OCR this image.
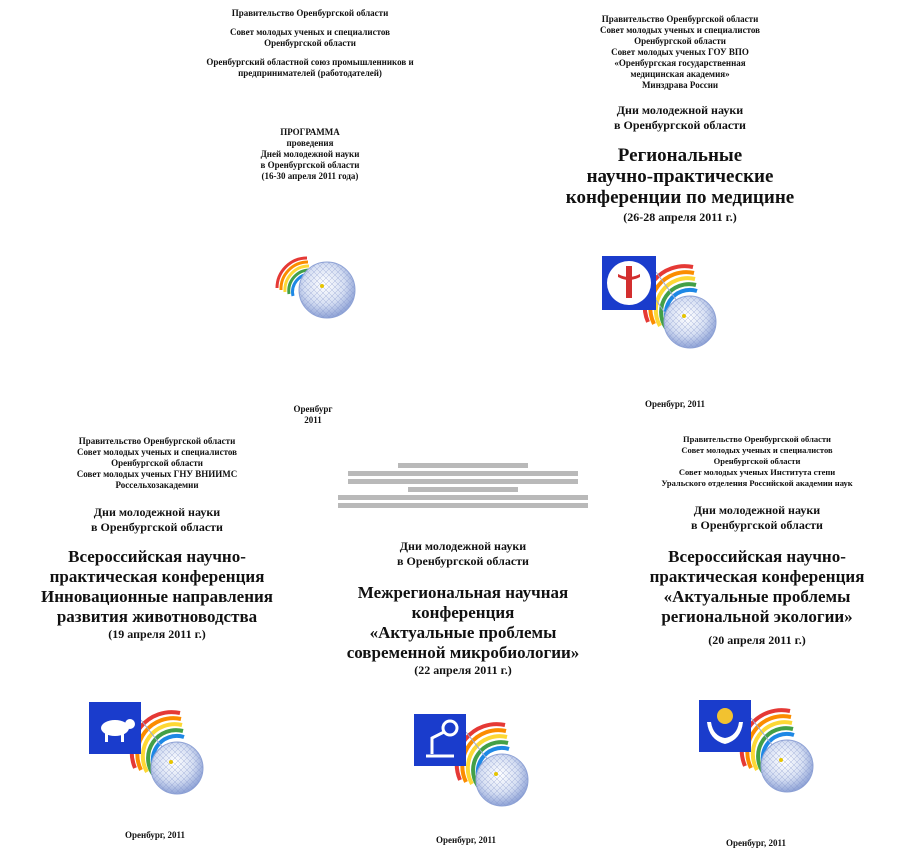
Правительство Оренбургской области

Совет молодых ученых и специалистов Оренбургской области

Оренбургский областной союз промышленников и предпринимателей (работодателей)

ПРОГРАММА

проведения

Дней молодежной науки

в Оренбургской области

(16-30 апреля 2011 года)

Оренбург
2011

Правительство Оренбургской области

Совет молодых ученых и специалистов

Оренбургской области

Совет молодых ученых ГОУ ВПО

«Оренбургская государственная

медицинская академия»

Минздрава России

Дни молодежной науки

в Оренбургской области

Региональные

научно-практические

конференции по медицине

(26-28 апреля 2011 г.)
Оренбург, 2011

Правительство Оренбургской области

Совет молодых ученых и специалистов

Оренбургской области

Совет молодых ученых ГНУ ВНИИМС

Россельхозакадемии

Дни молодежной науки

в Оренбургской области

Всероссийская научно-

практическая конференция

Инновационные направления

развития животноводства

(19 апреля 2011 г.)
Оренбург, 2011

Дни молодежной науки

в Оренбургской области

Межрегиональная научная

конференция

«Актуальные проблемы

современной микробиологии»

(22 апреля 2011 г.)
Оренбург, 2011

Правительство Оренбургской области

Совет молодых ученых и специалистов

Оренбургской области

Совет молодых ученых Института степи

Уральского отделения Российской академии наук

Дни молодежной науки

в Оренбургской области

Всероссийская научно-

практическая конференция

«Актуальные проблемы

региональной экологии»

(20 апреля 2011 г.)
Оренбург, 2011
